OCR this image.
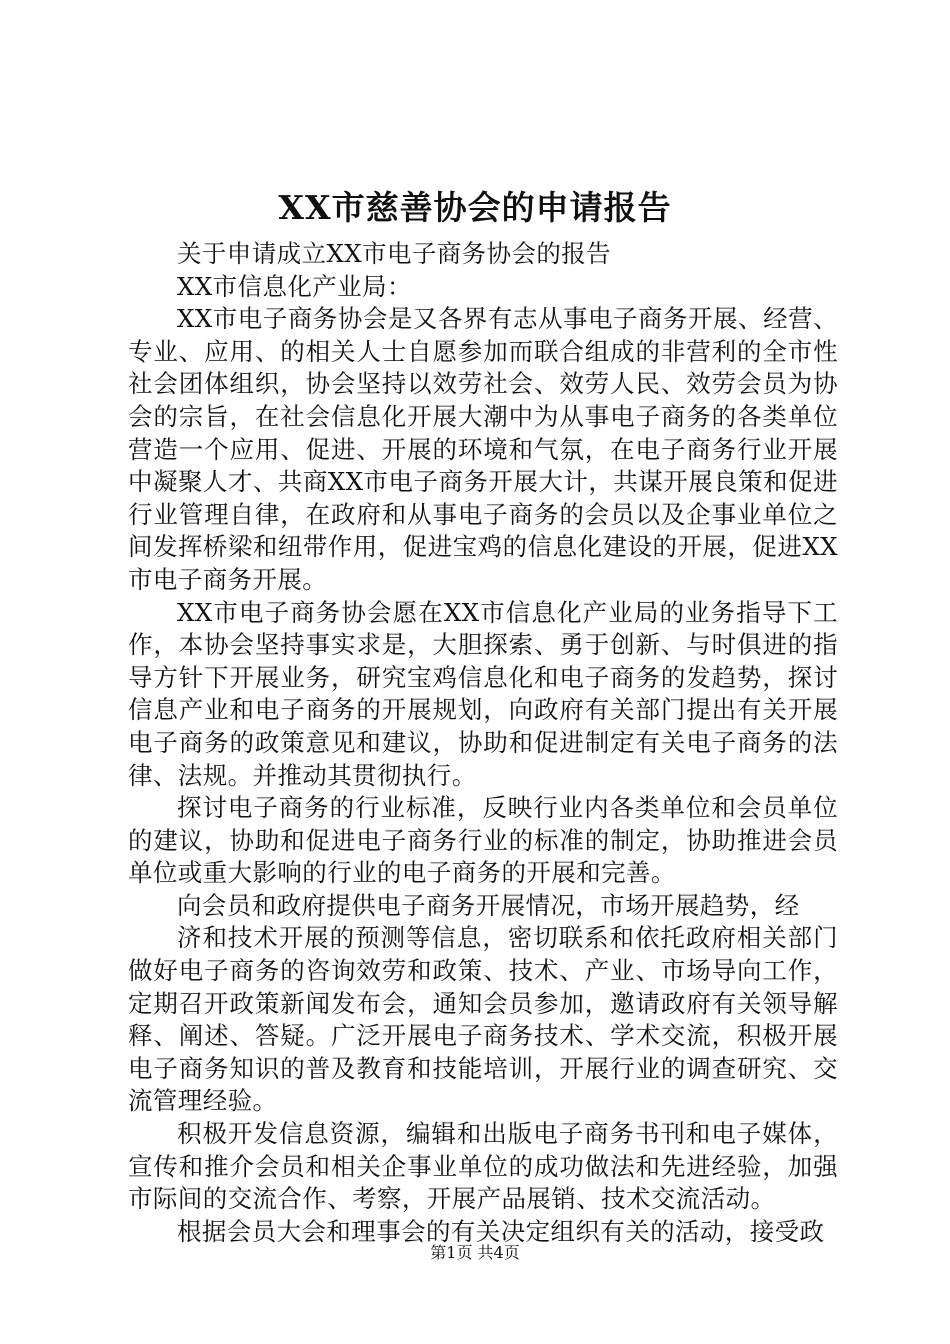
XX市慈善协会的申请报告

关于申请成立XX市电子商务协会的报告

XX市信息化产业局：

XX市电子商务协会是又各界有志从事电子商务开展、经营、专业、应用、的相关人士自愿参加而联合组成的非营利的全市性社会团体组织，协会坚持以效劳社会、效劳人民、效劳会员为协会的宗旨，在社会信息化开展大潮中为从事电子商务的各类单位营造一个应用、促进、开展的环境和气氛，在电子商务行业开展中凝聚人才、共商XX市电子商务开展大计，共谋开展良策和促进行业管理自律，在政府和从事电子商务的会员以及企事业单位之间发挥桥梁和纽带作用，促进宝鸡的信息化建设的开展，促进XX市电子商务开展。

XX市电子商务协会愿在XX市信息化产业局的业务指导下工作，本协会坚持事实求是，大胆探索、勇于创新、与时俱进的指导方针下开展业务，研究宝鸡信息化和电子商务的发趋势，探讨信息产业和电子商务的开展规划，向政府有关部门提出有关开展电子商务的政策意见和建议，协助和促进制定有关电子商务的法律、法规。并推动其贯彻执行。

探讨电子商务的行业标准，反映行业内各类单位和会员单位的建议，协助和促进电子商务行业的标准的制定，协助推进会员单位或重大影响的行业的电子商务的开展和完善。

向会员和政府提供电子商务开展情况，市场开展趋势，经

济和技术开展的预测等信息，密切联系和依托政府相关部门做好电子商务的咨询效劳和政策、技术、产业、市场导向工作，定期召开政策新闻发布会，通知会员参加，邀请政府有关领导解释、阐述、答疑。广泛开展电子商务技术、学术交流，积极开展电子商务知识的普及教育和技能培训，开展行业的调查研究、交流管理经验。

积极开发信息资源，编辑和出版电子商务书刊和电子媒体，宣传和推介会员和相关企事业单位的成功做法和先进经验，加强市际间的交流合作、考察，开展产品展销、技术交流活动。

根据会员大会和理事会的有关决定组织有关的活动，接受政

第1页 共4页
